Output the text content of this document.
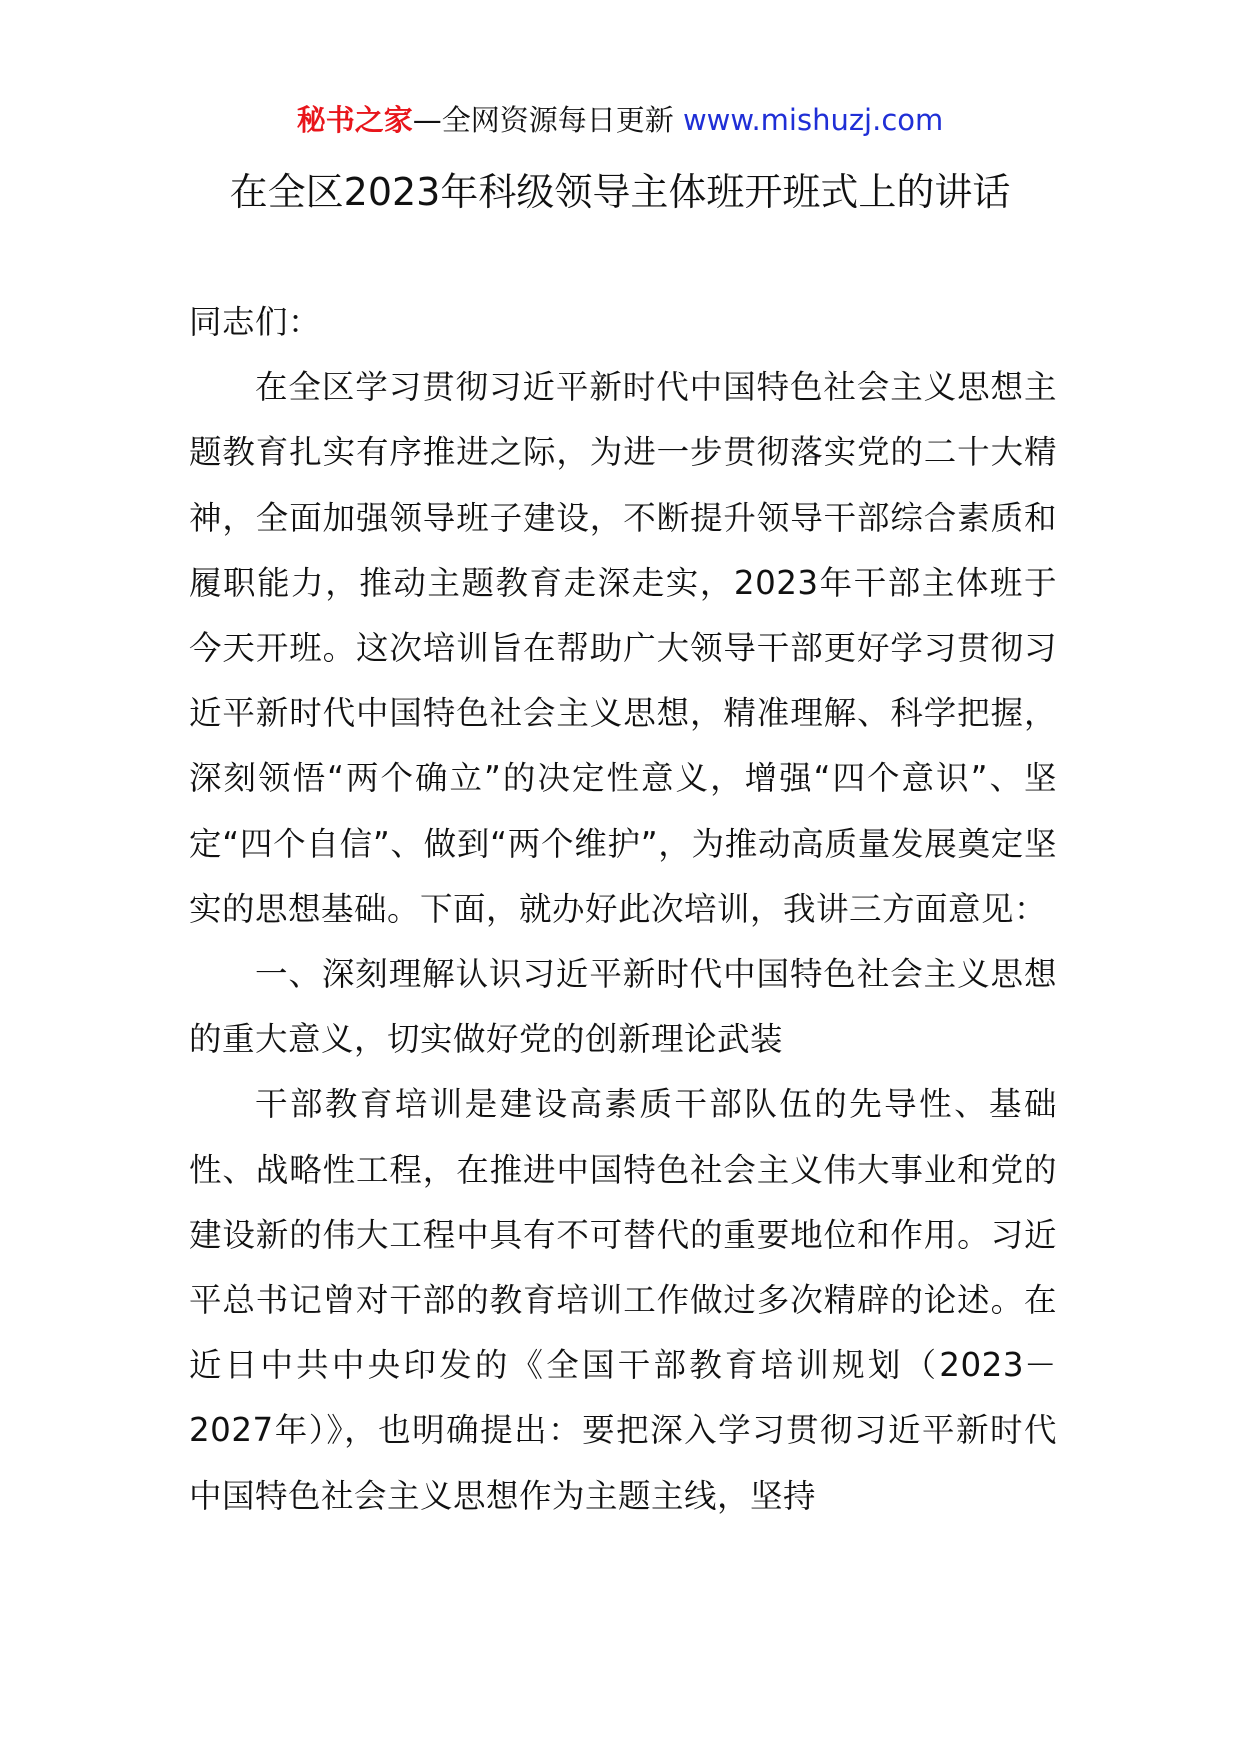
秘书之家—全网资源每日更新 www.mishuzj.com
在全区2023年科级领导主体班开班式上的讲话

同志们：

在全区学习贯彻习近平新时代中国特色社会主义思想主题教育扎实有序推进之际，为进一步贯彻落实党的二十大精神，全面加强领导班子建设，不断提升领导干部综合素质和履职能力，推动主题教育走深走实，2023年干部主体班于今天开班。这次培训旨在帮助广大领导干部更好学习贯彻习近平新时代中国特色社会主义思想，精准理解、科学把握，深刻领悟“两个确立”的决定性意义，增强“四个意识”、坚定“四个自信”、做到“两个维护”，为推动高质量发展奠定坚实的思想基础。下面，就办好此次培训，我讲三方面意见：

一、深刻理解认识习近平新时代中国特色社会主义思想的重大意义，切实做好党的创新理论武装

干部教育培训是建设高素质干部队伍的先导性、基础性、战略性工程，在推进中国特色社会主义伟大事业和党的建设新的伟大工程中具有不可替代的重要地位和作用。习近平总书记曾对干部的教育培训工作做过多次精辟的论述。在近日中共中央印发的《全国干部教育培训规划（2023－2027年）》，也明确提出：要把深入学习贯彻习近平新时代中国特色社会主义思想作为主题主线，坚持
